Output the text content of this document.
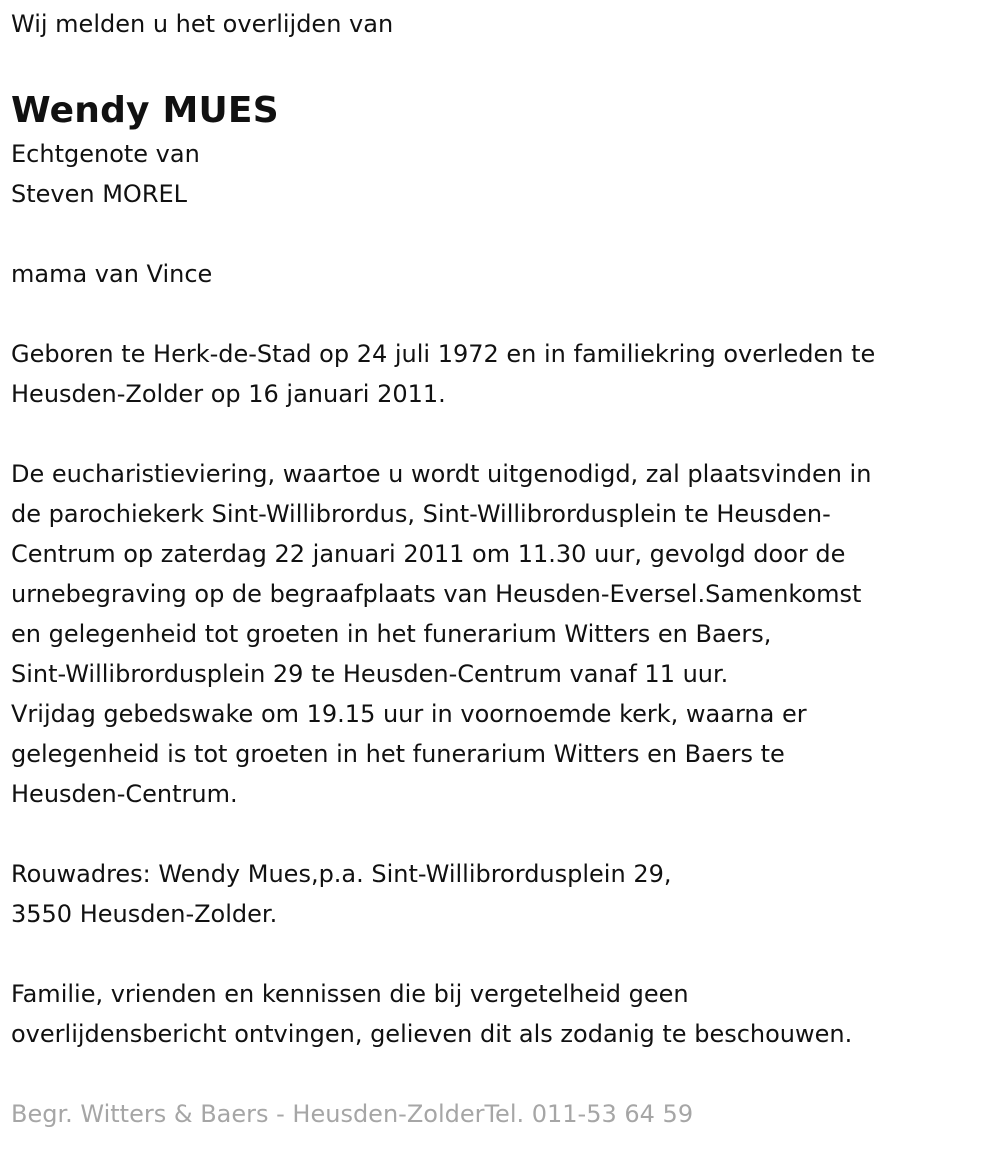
Wij melden u het overlijden van
Wendy MUES
Echtgenote van
Steven MOREL
mama van Vince
Geboren te Herk-de-Stad op 24 juli 1972 en in familiekring overleden te
Heusden-Zolder op 16 januari 2011.
De eucharistieviering, waartoe u wordt uitgenodigd, zal plaatsvinden in
de parochiekerk Sint-Willibrordus, Sint-Willibrordusplein te Heusden-
Centrum op zaterdag 22 januari 2011 om 11.30 uur, gevolgd door de
urnebegraving op de begraafplaats van Heusden-Eversel.Samenkomst
en gelegenheid tot groeten in het funerarium Witters en Baers,
Sint-Willibrordusplein 29 te Heusden-Centrum vanaf 11 uur.
Vrijdag gebedswake om 19.15 uur in voornoemde kerk, waarna er
gelegenheid is tot groeten in het funerarium Witters en Baers te
Heusden-Centrum.
Rouwadres: Wendy Mues,p.a. Sint-Willibrordusplein 29,
3550 Heusden-Zolder.
Familie, vrienden en kennissen die bij vergetelheid geen
overlijdensbericht ontvingen, gelieven dit als zodanig te beschouwen.
Begr. Witters & Baers - Heusden-ZolderTel. 011-53 64 59
